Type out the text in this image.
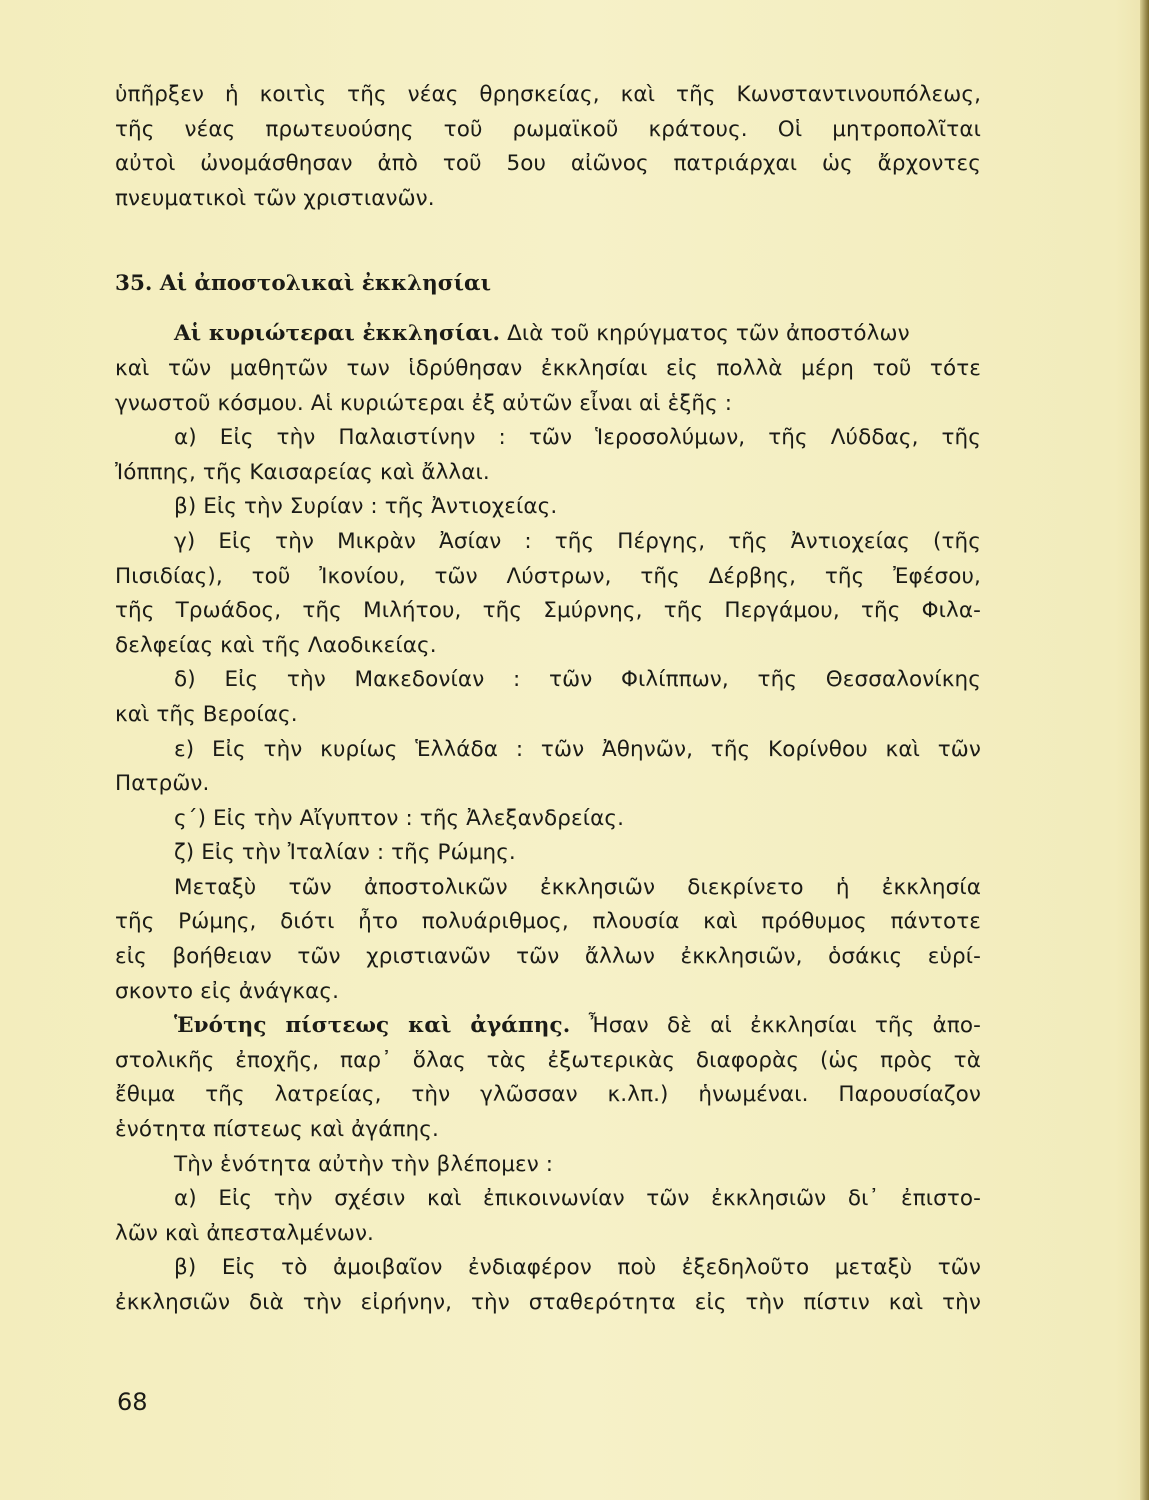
ὑπῆρξεν ἡ κοιτὶς τῆς νέας θρησκείας, καὶ τῆς Κωνσταντινουπόλεως,
τῆς νέας πρωτευούσης τοῦ ρωμαϊκοῦ κράτους. Οἱ μητροπολῖται
αὐτοὶ ὠνομάσθησαν ἀπὸ τοῦ 5ου αἰῶνος πατριάρχαι ὡς ἄρχοντες
πνευματικοὶ τῶν χριστιανῶν.
35. Αἱ ἀποστολικαὶ ἐκκλησίαι
Αἱ κυριώτεραι ἐκκλησίαι. Διὰ τοῦ κηρύγματος τῶν ἀποστόλων
καὶ τῶν μαθητῶν των ἱδρύθησαν ἐκκλησίαι εἰς πολλὰ μέρη τοῦ τότε
γνωστοῦ κόσμου. Αἱ κυριώτεραι ἐξ αὐτῶν εἶναι αἱ ἑξῆς :
α) Εἰς τὴν Παλαιστίνην : τῶν Ἱεροσολύμων, τῆς Λύδδας, τῆς
Ἰόππης, τῆς Καισαρείας καὶ ἄλλαι.
β) Εἰς τὴν Συρίαν : τῆς Ἀντιοχείας.
γ) Εἰς τὴν Μικρὰν Ἀσίαν : τῆς Πέργης, τῆς Ἀντιοχείας (τῆς
Πισιδίας), τοῦ Ἰκονίου, τῶν Λύστρων, τῆς Δέρβης, τῆς Ἐφέσου,
τῆς Τρωάδος, τῆς Μιλήτου, τῆς Σμύρνης, τῆς Περγάμου, τῆς Φιλα-
δελφείας καὶ τῆς Λαοδικείας.
δ) Εἰς τὴν Μακεδονίαν : τῶν Φιλίππων, τῆς Θεσσαλονίκης
καὶ τῆς Βεροίας.
ε) Εἰς τὴν κυρίως Ἑλλάδα : τῶν Ἀθηνῶν, τῆς Κορίνθου καὶ τῶν
Πατρῶν.
ς΄) Εἰς τὴν Αἴγυπτον : τῆς Ἀλεξανδρείας.
ζ) Εἰς τὴν Ἰταλίαν : τῆς Ρώμης.
Μεταξὺ τῶν ἀποστολικῶν ἐκκλησιῶν διεκρίνετο ἡ ἐκκλησία
τῆς Ρώμης, διότι ἦτο πολυάριθμος, πλουσία καὶ πρόθυμος πάντοτε
εἰς βοήθειαν τῶν χριστιανῶν τῶν ἄλλων ἐκκλησιῶν, ὁσάκις εὑρί-
σκοντο εἰς ἀνάγκας.
Ἑνότης πίστεως καὶ ἀγάπης. Ἦσαν δὲ αἱ ἐκκλησίαι τῆς ἀπο-
στολικῆς ἐποχῆς, παρ᾽ ὅλας τὰς ἐξωτερικὰς διαφορὰς (ὡς πρὸς τὰ
ἔθιμα τῆς λατρείας, τὴν γλῶσσαν κ.λπ.) ἡνωμέναι. Παρουσίαζον
ἑνότητα πίστεως καὶ ἀγάπης.
Τὴν ἑνότητα αὐτὴν τὴν βλέπομεν :
α) Εἰς τὴν σχέσιν καὶ ἐπικοινωνίαν τῶν ἐκκλησιῶν δι᾽ ἐπιστο-
λῶν καὶ ἀπεσταλμένων.
β) Εἰς τὸ ἀμοιβαῖον ἐνδιαφέρον ποὺ ἐξεδηλοῦτο μεταξὺ τῶν
ἐκκλησιῶν διὰ τὴν εἰρήνην, τὴν σταθερότητα εἰς τὴν πίστιν καὶ τὴν
68
